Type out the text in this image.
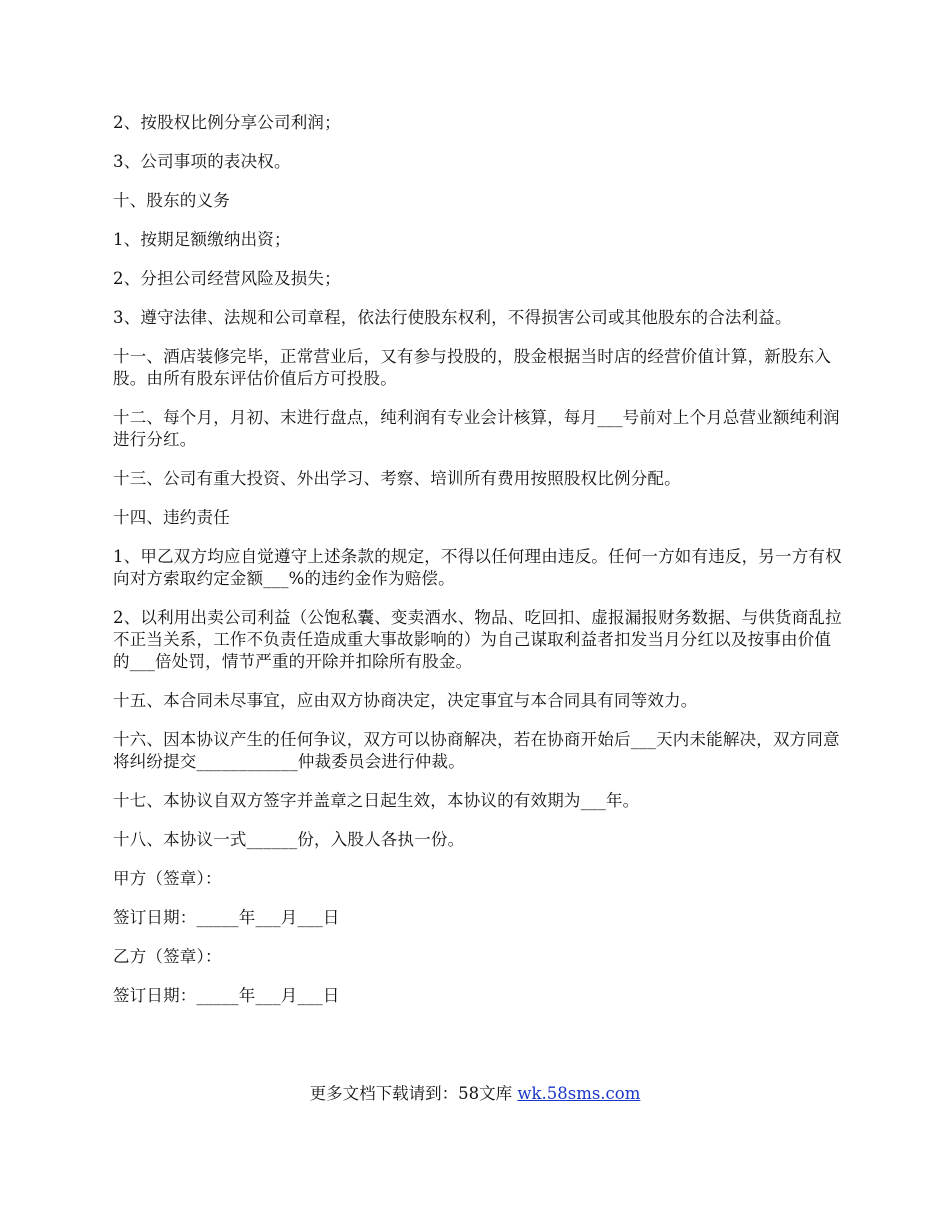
2、按股权比例分享公司利润；

3、公司事项的表决权。

十、股东的义务

1、按期足额缴纳出资；

2、分担公司经营风险及损失；

3、遵守法律、法规和公司章程，依法行使股东权利，不得损害公司或其他股东的合法利益。

十一、酒店装修完毕，正常营业后，又有参与投股的，股金根据当时店的经营价值计算，新股东入股。由所有股东评估价值后方可投股。

十二、每个月，月初、末进行盘点，纯利润有专业会计核算，每月___号前对上个月总营业额纯利润进行分红。

十三、公司有重大投资、外出学习、考察、培训所有费用按照股权比例分配。

十四、违约责任

1、甲乙双方均应自觉遵守上述条款的规定，不得以任何理由违反。任何一方如有违反，另一方有权向对方索取约定金额___%的违约金作为赔偿。

2、以利用出卖公司利益（公饱私囊、变卖酒水、物品、吃回扣、虚报漏报财务数据、与供货商乱拉不正当关系，工作不负责任造成重大事故影响的）为自己谋取利益者扣发当月分红以及按事由价值的___倍处罚，情节严重的开除并扣除所有股金。

十五、本合同未尽事宜，应由双方协商决定，决定事宜与本合同具有同等效力。

十六、因本协议产生的任何争议，双方可以协商解决，若在协商开始后___天内未能解决，双方同意将纠纷提交____________仲裁委员会进行仲裁。

十七、本协议自双方签字并盖章之日起生效，本协议的有效期为___年。

十八、本协议一式______份，入股人各执一份。

甲方（签章）：

签订日期：_____年___月___日

乙方（签章）：

签订日期：_____年___月___日

更多文档下载请到：58文库 wk.58sms.com
